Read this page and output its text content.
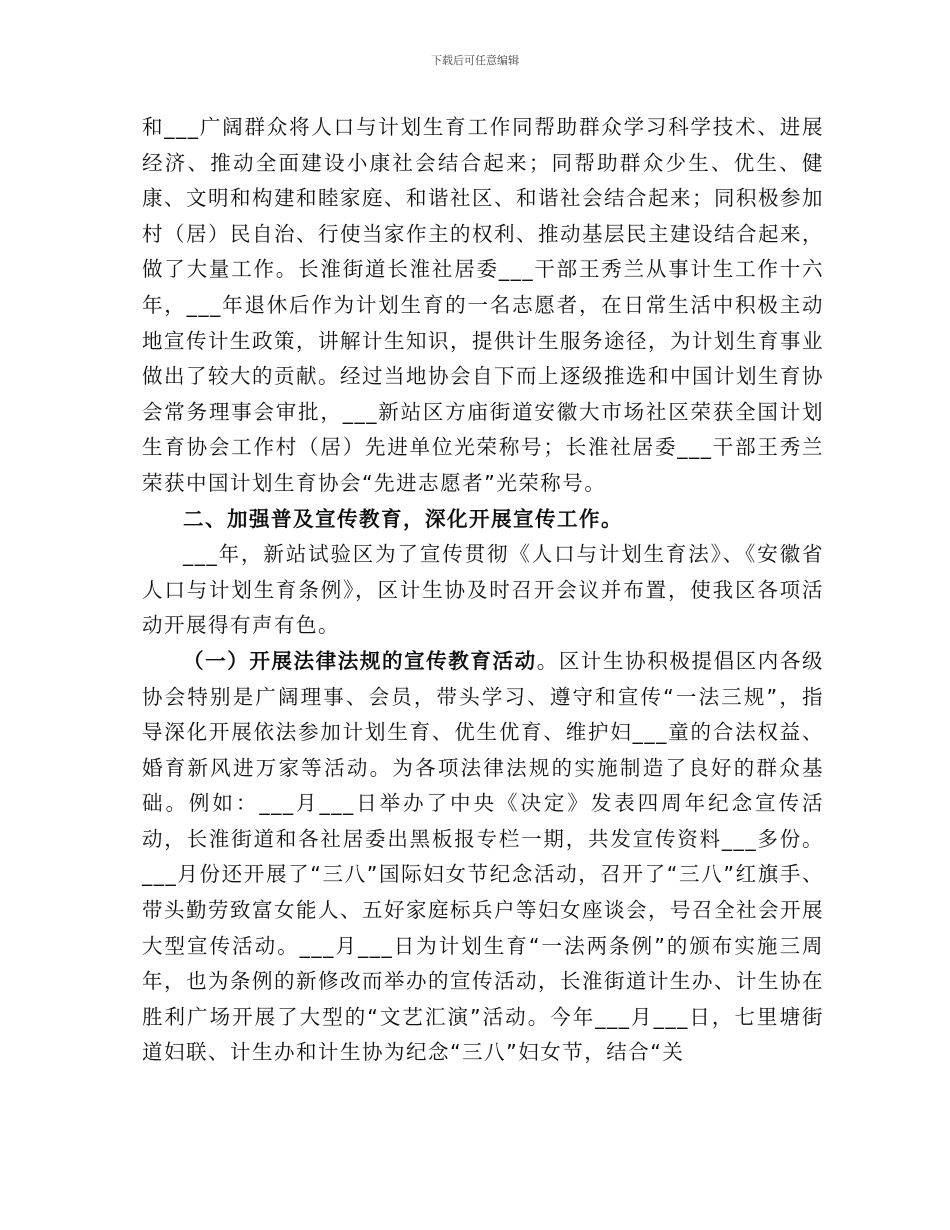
下载后可任意编辑

和___广阔群众将人口与计划生育工作同帮助群众学习科学技术、进展经济、推动全面建设小康社会结合起来；同帮助群众少生、优生、健康、文明和构建和睦家庭、和谐社区、和谐社会结合起来；同积极参加村（居）民自治、行使当家作主的权利、推动基层民主建设结合起来，做了大量工作。长淮街道长淮社居委___干部王秀兰从事计生工作十六年，___年退休后作为计划生育的一名志愿者，在日常生活中积极主动地宣传计生政策，讲解计生知识，提供计生服务途径，为计划生育事业做出了较大的贡献。经过当地协会自下而上逐级推选和中国计划生育协会常务理事会审批，___新站区方庙街道安徽大市场社区荣获全国计划生育协会工作村（居）先进单位光荣称号；长淮社居委___干部王秀兰荣获中国计划生育协会“先进志愿者”光荣称号。

二、加强普及宣传教育，深化开展宣传工作。

___年，新站试验区为了宣传贯彻《人口与计划生育法》、《安徽省人口与计划生育条例》，区计生协及时召开会议并布置，使我区各项活动开展得有声有色。

（一）开展法律法规的宣传教育活动。区计生协积极提倡区内各级协会特别是广阔理事、会员，带头学习、遵守和宣传“一法三规”，指导深化开展依法参加计划生育、优生优育、维护妇___童的合法权益、婚育新风进万家等活动。为各项法律法规的实施制造了良好的群众基础。例如：___月___日举办了中央《决定》发表四周年纪念宣传活动，长淮街道和各社居委出黑板报专栏一期，共发宣传资料___多份。___月份还开展了“三八”国际妇女节纪念活动，召开了“三八”红旗手、带头勤劳致富女能人、五好家庭标兵户等妇女座谈会，号召全社会开展大型宣传活动。___月___日为计划生育“一法两条例”的颁布实施三周年，也为条例的新修改而举办的宣传活动，长淮街道计生办、计生协在胜利广场开展了大型的“文艺汇演”活动。今年___月___日，七里塘街道妇联、计生办和计生协为纪念“三八”妇女节，结合“关
